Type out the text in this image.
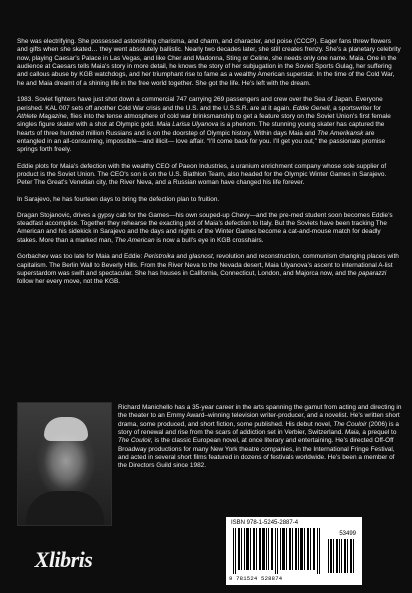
She was electrifying. She possessed astonishing charisma, and charm, and character, and poise (CCCP). Eager fans threw flowers and gifts when she skated… they went absolutely ballistic. Nearly two decades later, she still creates frenzy. She’s a planetary celebrity now, playing Caesar’s Palace in Las Vegas, and like Cher and Madonna, Sting or Celine, she needs only one name. Maia. One in the audience at Caesars tells Maia’s story in more detail, he knows the story of her subjugation in the Soviet Sports Gulag, her suffering and callous abuse by KGB watchdogs, and her triumphant rise to fame as a wealthy American superstar. In the time of the Cold War, he and Maia dreamt of a shining life in the free world together. She got the life. He’s left with the dream.

1983. Soviet fighters have just shot down a commercial 747 carrying 269 passengers and crew over the Sea of Japan. Everyone perished. KAL 007 sets off another Cold War crisis and the U.S. and the U.S.S.R. are at it again. Eddie Genell, a sportswriter for Athlete Magazine, flies into the tense atmosphere of cold war brinksmanship to get a feature story on the Soviet Union’s first female singles figure skater with a shot at Olympic gold. Maia Larisa Ulyanova is a phenom. The stunning young skater has captured the hearts of three hundred million Russians and is on the doorstep of Olympic history. Within days Maia and The Amerikansk are entangled in an all-consuming, impossible—and illicit— love affair. “I’ll come back for you. I’ll get you out,” the passionate promise springs forth freely.

Eddie plots for Maia’s defection with the wealthy CEO of Paeon Industries, a uranium enrichment company whose sole supplier of product is the Soviet Union. The CEO’s son is on the U.S. Biathlon Team, also headed for the Olympic Winter Games in Sarajevo. Peter The Great’s Venetian city, the River Neva, and a Russian woman have changed his life forever.

In Sarajevo, he has fourteen days to bring the defection plan to fruition.

Dragan Stojanovic, drives a gypsy cab for the Games—his own souped-up Chevy—and the pre-med student soon becomes Eddie’s steadfast accomplice. Together they rehearse the exacting plot of Maia’s defection to Italy. But the Soviets have been tracking The American and his sidekick in Sarajevo and the days and nights of the Winter Games become a cat-and-mouse match for deadly stakes. More than a marked man, The American is now a bull’s eye in KGB crosshairs.

Gorbachev was too late for Maia and Eddie: Peristroika and glasnost, revolution and reconstruction, communism changing places with capitalism. The Berlin Wall to Beverly Hills. From the River Neva to the Nevada desert, Maia Ulyanova’s ascent to international A-list superstardom was swift and spectacular. She has houses in California, Connecticut, London, and Majorca now, and the paparazzi follow her every move, not the KGB.

Richard Manichello has a 35-year career in the arts spanning the gamut from acting and directing in the theater to an Emmy Award–winning television writer-producer, and a novelist. He’s written short drama, some produced, and short fiction, some published. His debut novel, The Couloir (2006) is a story of renewal and rise from the scars of addiction set in Verbier, Switzerland. Maia, a prequel to The Couloir, is the classic European novel, at once literary and entertaining. He’s directed Off-Off Broadway productions for many New York theatre companies, in the International Fringe Festival, and acted in several short films featured in dozens of festivals worldwide. He’s been a member of the Directors Guild since 1982.
Xlibris
ISBN 978-1-5245-2887-4
53499
9 781524 528874
